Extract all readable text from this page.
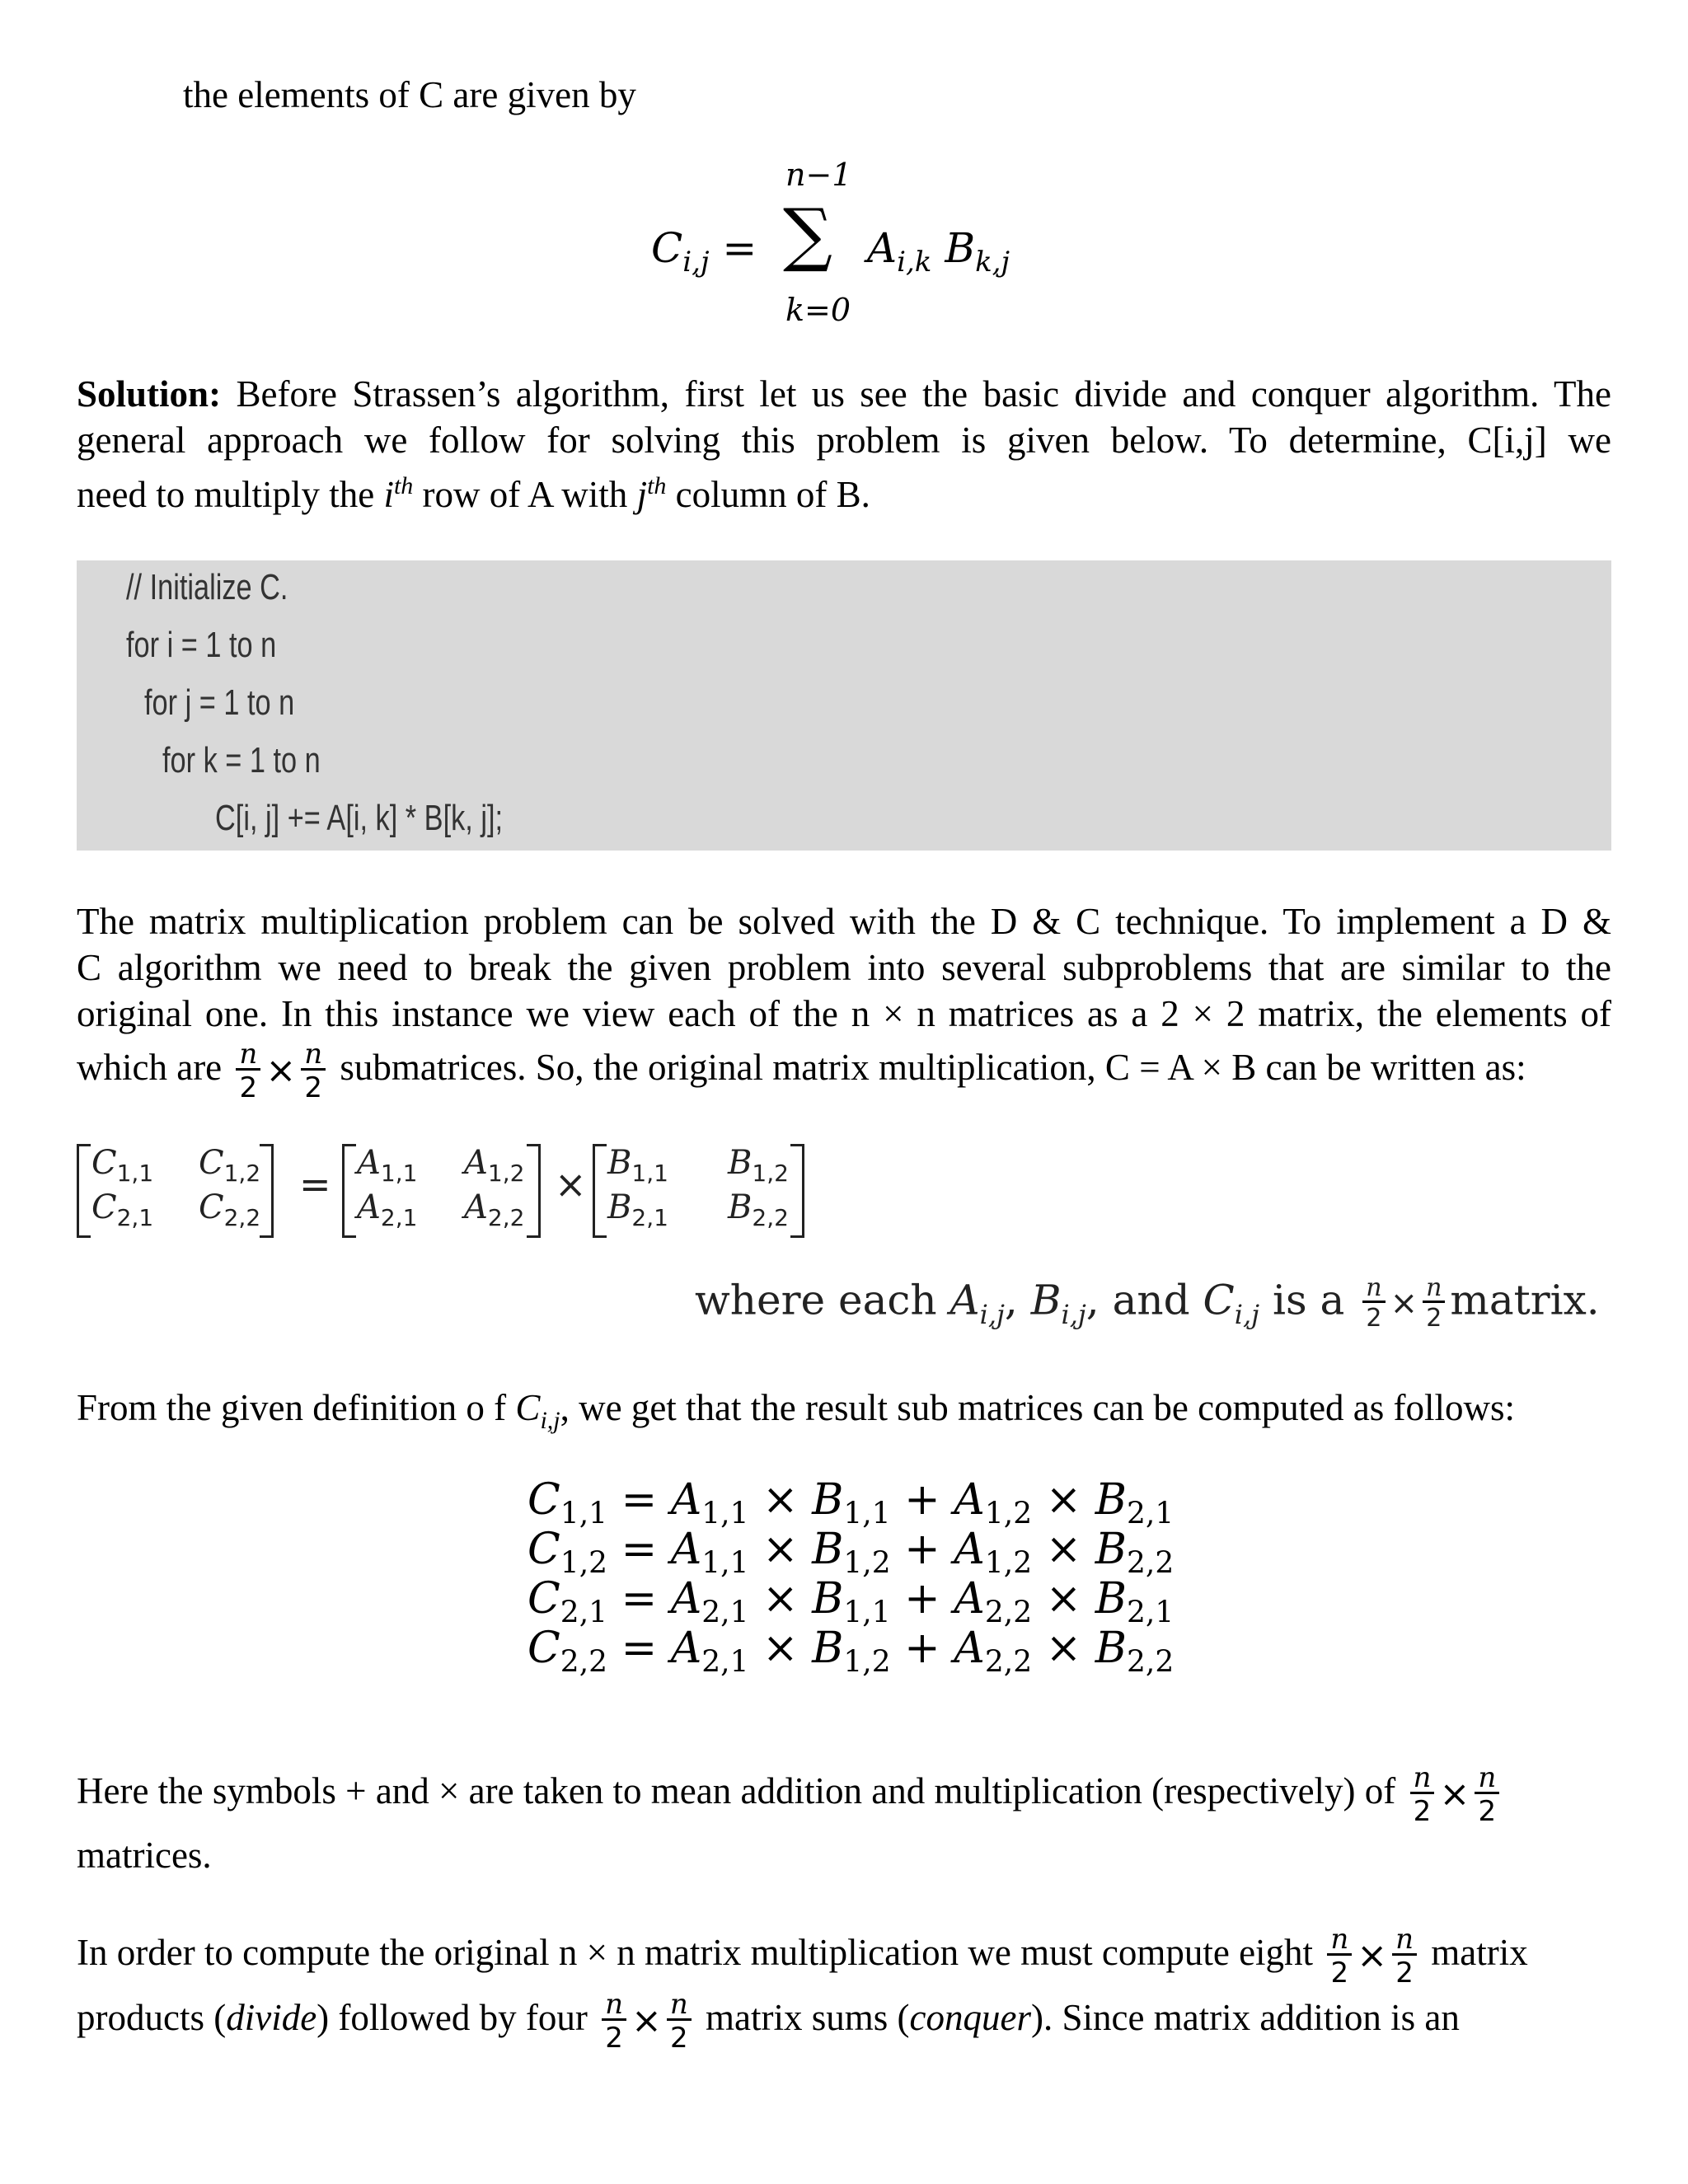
the elements of C are given by
$C_{i,j}$ =
n−1
∑
k=0
$A_{i,k}$ $B_{k,j}$
Solution: Before Strassen’s algorithm, first let us see the basic divide and conquer algorithm. The
general approach we follow for solving this problem is given below. To determine, C[i,j] we
need to multiply the $i^{th}$ row of A with $j^{th}$ column of B.
// Initialize C.
for i = 1 to n
for j = 1 to n
for k = 1 to n
C[i, j] += A[i, k] * B[k, j];
The matrix multiplication problem can be solved with the D & C technique. To implement a D &
C algorithm we need to break the given problem into several subproblems that are similar to the
original one. In this instance we view each of the n × n matrices as a 2 × 2 matrix, the elements of
which are $\frac{n}{2} \times \frac{n}{2}$ submatrices. So, the original matrix multiplication, C = A × B can be written as:
$C_{1,1}$ $C_{1,2}$
$C_{2,1}$ $C_{2,2}$
= $A_{1,1}$ $A_{1,2}$
$A_{2,1}$ $A_{2,2}$
× $B_{1,1}$ $B_{1,2}$
$B_{2,1}$ $B_{2,2}$
where each $A_{i,j}$, $B_{i,j}$, and $C_{i,j}$ is a $\frac{n}{2} \times \frac{n}{2}$ matrix.
From the given definition o f $C_{i,j}$, we get that the result sub matrices can be computed as follows:
$C_{1,1} = A_{1,1} \times B_{1,1} + A_{1,2} \times B_{2,1}$
$C_{1,2} = A_{1,1} \times B_{1,2} + A_{1,2} \times B_{2,2}$
$C_{2,1} = A_{2,1} \times B_{1,1} + A_{2,2} \times B_{2,1}$
$C_{2,2} = A_{2,1} \times B_{1,2} + A_{2,2} \times B_{2,2}$
Here the symbols + and × are taken to mean addition and multiplication (respectively) of $\frac{n}{2} \times \frac{n}{2}$
matrices.
In order to compute the original n × n matrix multiplication we must compute eight $\frac{n}{2} \times \frac{n}{2}$ matrix
products (divide) followed by four $\frac{n}{2} \times \frac{n}{2}$ matrix sums (conquer). Since matrix addition is an
